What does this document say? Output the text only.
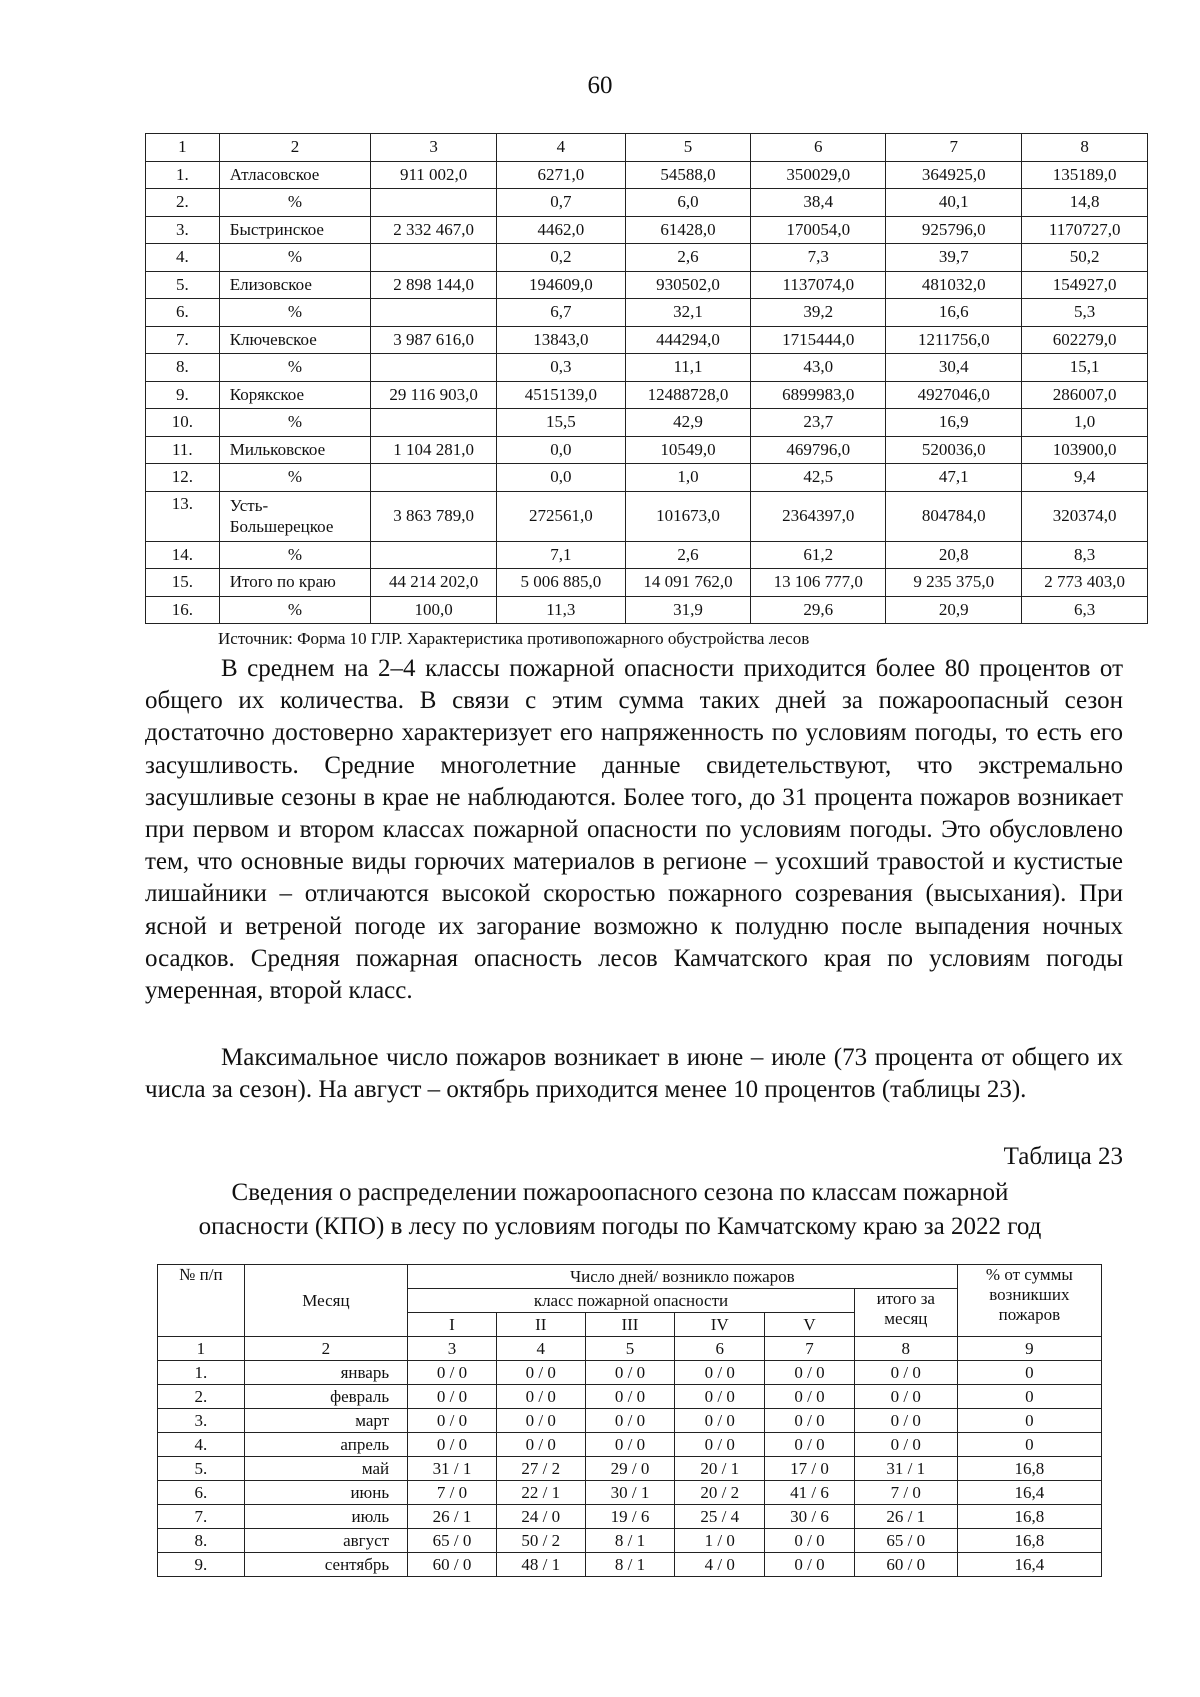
60
1	2	3	4	5	6	7	8
1.	Атласовское	911 002,0	6271,0	54588,0	350029,0	364925,0	135189,0
2.	%		0,7	6,0	38,4	40,1	14,8
3.	Быстринское	2 332 467,0	4462,0	61428,0	170054,0	925796,0	1170727,0
4.	%		0,2	2,6	7,3	39,7	50,2
5.	Елизовское	2 898 144,0	194609,0	930502,0	1137074,0	481032,0	154927,0
6.	%		6,7	32,1	39,2	16,6	5,3
7.	Ключевское	3 987 616,0	13843,0	444294,0	1715444,0	1211756,0	602279,0
8.	%		0,3	11,1	43,0	30,4	15,1
9.	Корякское	29 116 903,0	4515139,0	12488728,0	6899983,0	4927046,0	286007,0
10.	%		15,5	42,9	23,7	16,9	1,0
11.	Мильковское	1 104 281,0	0,0	10549,0	469796,0	520036,0	103900,0
12.	%		0,0	1,0	42,5	47,1	9,4
13.	Усть-Большерецкое	3 863 789,0	272561,0	101673,0	2364397,0	804784,0	320374,0
14.	%		7,1	2,6	61,2	20,8	8,3
15.	Итого по краю	44 214 202,0	5 006 885,0	14 091 762,0	13 106 777,0	9 235 375,0	2 773 403,0
16.	%	100,0	11,3	31,9	29,6	20,9	6,3
Источник: Форма 10 ГЛР. Характеристика противопожарного обустройства лесов

В среднем на 2–4 классы пожарной опасности приходится более 80 процентов от общего их количества. В связи с этим сумма таких дней за пожароопасный сезон достаточно достоверно характеризует его напряженность по условиям погоды, то есть его засушливость. Средние многолетние данные свидетельствуют, что экстремально засушливые сезоны в крае не наблюдаются. Более того, до 31 процента пожаров возникает при первом и втором классах пожарной опасности по условиям погоды. Это обусловлено тем, что основные виды горючих материалов в регионе – усохший травостой и кустистые лишайники – отличаются высокой скоростью пожарного созревания (высыхания). При ясной и ветреной погоде их загорание возможно к полудню после выпадения ночных осадков. Средняя пожарная опасность лесов Камчатского края по условиям погоды умеренная, второй класс.

Максимальное число пожаров возникает в июне – июле (73 процента от общего их числа за сезон). На август – октябрь приходится менее 10 процентов (таблицы 23).

Таблица 23
Сведения о распределении пожароопасного сезона по классам пожарной
опасности (КПО) в лесу по условиям погоды по Камчатскому краю за 2022 год
№ п/п	Месяц	Число дней/ возникло пожаров						% от суммы возникших пожаров
		класс пожарной опасности					итого за месяц	
		I	II	III	IV	V		
1	2	3	4	5	6	7	8	9
1.	январь	0 / 0	0 / 0	0 / 0	0 / 0	0 / 0	0 / 0	0
2.	февраль	0 / 0	0 / 0	0 / 0	0 / 0	0 / 0	0 / 0	0
3.	март	0 / 0	0 / 0	0 / 0	0 / 0	0 / 0	0 / 0	0
4.	апрель	0 / 0	0 / 0	0 / 0	0 / 0	0 / 0	0 / 0	0
5.	май	31 / 1	27 / 2	29 / 0	20 / 1	17 / 0	31 / 1	16,8
6.	июнь	7 / 0	22 / 1	30 / 1	20 / 2	41 / 6	7 / 0	16,4
7.	июль	26 / 1	24 / 0	19 / 6	25 / 4	30 / 6	26 / 1	16,8
8.	август	65 / 0	50 / 2	8 / 1	1 / 0	0 / 0	65 / 0	16,8
9.	сентябрь	60 / 0	48 / 1	8 / 1	4 / 0	0 / 0	60 / 0	16,4
